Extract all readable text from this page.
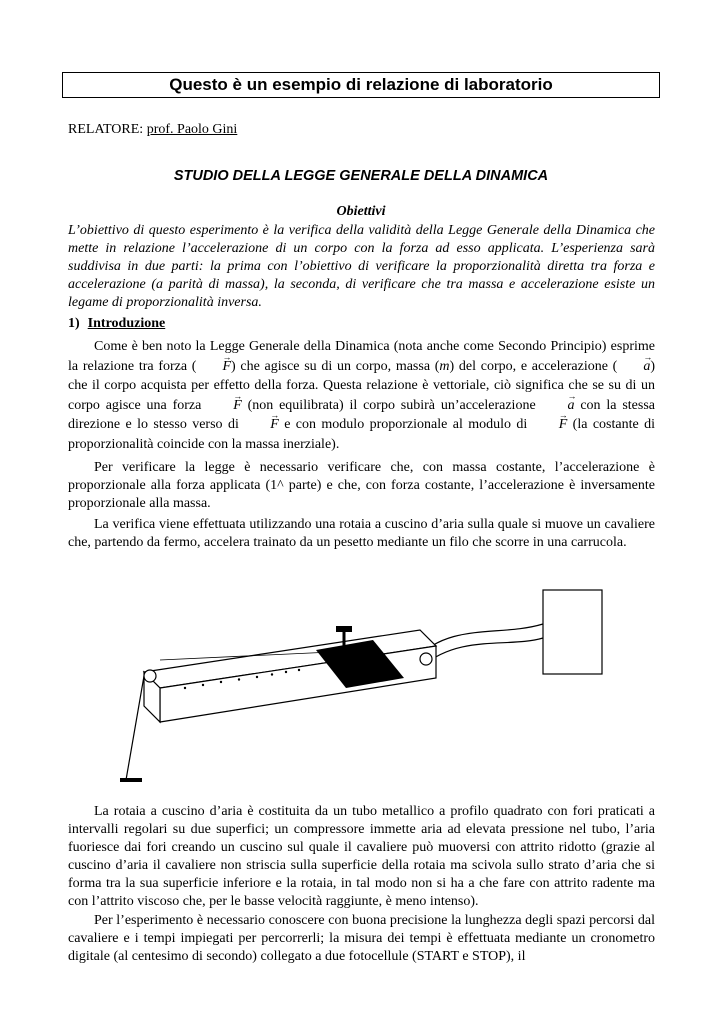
Questo è un esempio di relazione di laboratorio
RELATORE: prof. Paolo Gini
STUDIO DELLA LEGGE GENERALE DELLA DINAMICA
Obiettivi
L’obiettivo di questo esperimento è la verifica della validità della Legge Generale della Dinamica che mette in relazione l’accelerazione di un corpo con la forza ad esso applicata. L’esperienza sarà suddivisa in due parti: la prima con l’obiettivo di verificare la proporzionalità diretta tra forza e accelerazione (a parità di massa), la seconda, di verificare che tra massa e accelerazione esiste un legame di proporzionalità inversa.
1) Introduzione

Come è ben noto la Legge Generale della Dinamica (nota anche come Secondo Principio) esprime la relazione tra forza ( → F) che agisce su di un corpo, massa (m) del corpo, e accelerazione ( → a) che il corpo acquista per effetto della forza. Questa relazione è vettoriale, ciò significa che se su di un corpo agisce una forza → F (non equilibrata) il corpo subirà un’accelerazione → a con la stessa direzione e lo stesso verso di → F e con modulo proporzionale al modulo di → F (la costante di proporzionalità coincide con la massa inerziale).

Per verificare la legge è necessario verificare che, con massa costante, l’accelerazione è proporzionale alla forza applicata (1^ parte) e che, con forza costante, l’accelerazione è inversamente proporzionale alla massa.

La verifica viene effettuata utilizzando una rotaia a cuscino d’aria sulla quale si muove un cavaliere che, partendo da fermo, accelera trainato da un pesetto mediante un filo che scorre in una carrucola.

La rotaia a cuscino d’aria è costituita da un tubo metallico a profilo quadrato con fori praticati a intervalli regolari su due superfici; un compressore immette aria ad elevata pressione nel tubo, l’aria fuoriesce dai fori creando un cuscino sul quale il cavaliere può muoversi con attrito ridotto (grazie al cuscino d’aria il cavaliere non striscia sulla superficie della rotaia ma scivola sullo strato d’aria che si forma tra la sua superficie inferiore e la rotaia, in tal modo non si ha a che fare con attrito radente ma con l’attrito viscoso che, per le basse velocità raggiunte, è meno intenso).

Per l’esperimento è necessario conoscere con buona precisione la lunghezza degli spazi percorsi dal cavaliere e i tempi impiegati per percorrerli; la misura dei tempi è effettuata mediante un cronometro digitale (al centesimo di secondo) collegato a due fotocellule (START e STOP), il
